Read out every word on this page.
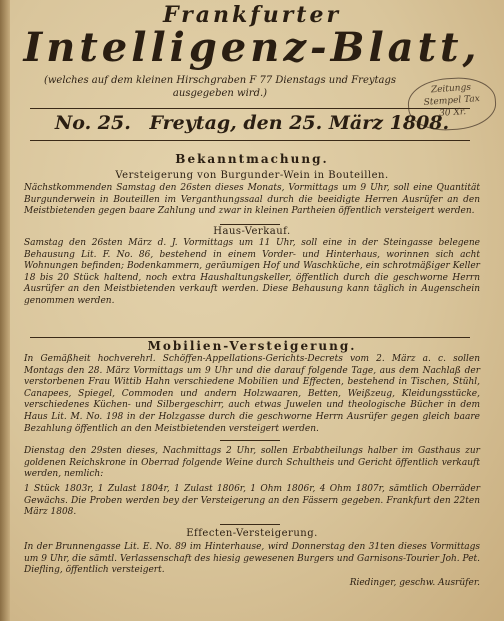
Frankfurter
Intelligenz-Blatt,
(welches auf dem kleinen Hirschgraben F 77 Dienstags und Freytags ausgegeben wird.)	Zeitungs
Stempel Tax
30 Xr.
No. 25. Freytag, den 25. März 1808.
Bekanntmachung.
Versteigerung von Burgunder-Wein in Bouteillen.
Nächstkommenden Samstag den 26sten dieses Monats, Vormittags um 9 Uhr, soll eine Quantität Burgunderwein in Bouteillen im Verganthungssaal durch die beeidigte Herren Ausrüfer an den Meistbietenden gegen baare Zahlung und zwar in kleinen Partheien öffentlich versteigert werden.
Haus-Verkauf.
Samstag den 26sten März d. J. Vormittags um 11 Uhr, soll eine in der Steingasse belegene Behausung Lit. F. No. 86, bestehend in einem Vorder- und Hinterhaus, worinnen sich acht Wohnungen befinden; Bodenkammern, geräumigen Hof und Waschküche, ein schrotmäßiger Keller 18 bis 20 Stück haltend, noch extra Haushaltungskeller, öffentlich durch die geschworne Herrn Ausrüfer an den Meistbietenden verkauft werden. Diese Behausung kann täglich in Augenschein genommen werden.
Mobilien-Versteigerung.
In Gemäßheit hochverehrl. Schöffen-Appellations-Gerichts-Decrets vom 2. März a. c. sollen Montags den 28. März Vormittags um 9 Uhr und die darauf folgende Tage, aus dem Nachlaß der verstorbenen Frau Wittib Hahn verschiedene Mobilien und Effecten, bestehend in Tischen, Stühl, Canapees, Spiegel, Commoden und andern Holzwaaren, Betten, Weißzeug, Kleidungsstücke, verschiedenes Küchen- und Silbergeschirr, auch etwas Juwelen und theologische Bücher in dem Haus Lit. M. No. 198 in der Holzgasse durch die geschworne Herrn Ausrüfer gegen gleich baare Bezahlung öffentlich an den Meistbietenden versteigert werden.
Dienstag den 29sten dieses, Nachmittags 2 Uhr, sollen Erbabtheilungs halber im Gasthaus zur goldenen Reichskrone in Oberrad folgende Weine durch Schultheis und Gericht öffentlich verkauft werden, nemlich:
1 Stück 1803r, 1 Zulast 1804r, 1 Zulast 1806r, 1 Ohm 1806r, 4 Ohm 1807r, sämtlich Oberräder Gewächs. Die Proben werden bey der Versteigerung an den Fässern gegeben. Frankfurt den 22ten März 1808.
Effecten-Versteigerung.
In der Brunnengasse Lit. E. No. 89 im Hinterhause, wird Donnerstag den 31ten dieses Vormittags um 9 Uhr, die sämtl. Verlassenschaft des hiesig gewesenen Burgers und Garnisons-Tourier Joh. Pet. Diefling, öffentlich versteigert.
Riedinger, geschw. Ausrüfer.
